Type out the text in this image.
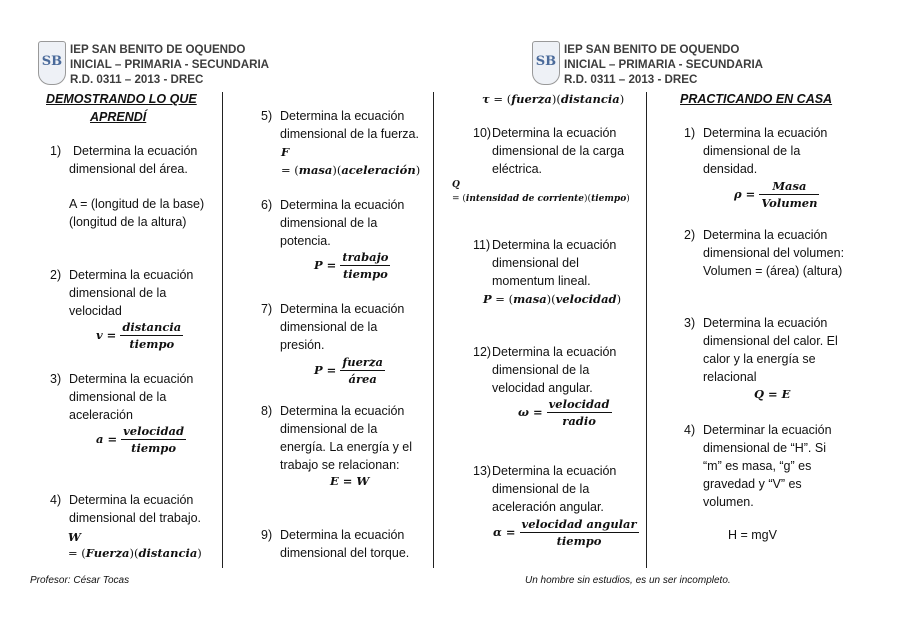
SB
IEP SAN BENITO DE OQUENDO
INICIAL – PRIMARIA - SECUNDARIA
R.D. 0311 – 2013 - DREC
SB
IEP SAN BENITO DE OQUENDO
INICIAL – PRIMARIA - SECUNDARIA
R.D. 0311 – 2013 - DREC
DEMOSTRANDO LO QUE
APRENDÍ
PRACTICANDO EN CASA
1) Determina la ecuación
dimensional del área.
A = (longitud de la base)
(longitud de la altura)
2) Determina la ecuación
dimensional de la
velocidad
$v = \frac{\text{distancia}}{\text{tiempo}}$
3) Determina la ecuación
dimensional de la
aceleración
$a = \frac{\text{velocidad}}{\text{tiempo}}$
4) Determina la ecuación
dimensional del trabajo.
W
= (Fuerza)(distancia)
5) Determina la ecuación
dimensional de la fuerza.
F
= (masa)(aceleración)
6) Determina la ecuación
dimensional de la
potencia.
$P = \frac{\text{trabajo}}{\text{tiempo}}$
7) Determina la ecuación
dimensional de la
presión.
$P = \frac{\text{fuerza}}{\text{área}}$
8) Determina la ecuación
dimensional de la
energía. La energía y el
trabajo se relacionan:
E = W
9) Determina la ecuación
dimensional del torque.
τ = (fuerza)(distancia)
10) Determina la ecuación
dimensional de la carga
eléctrica.
Q
= (intensidad de corriente)(tiempo)
11) Determina la ecuación
dimensional del
momentum lineal.
P = (masa)(velocidad)
12) Determina la ecuación
dimensional de la
velocidad angular.
$\omega = \frac{\text{velocidad}}{\text{radio}}$
13) Determina la ecuación
dimensional de la
aceleración angular.
$\alpha = \frac{\text{velocidad angular}}{\text{tiempo}}$
1) Determina la ecuación
dimensional de la
densidad.
$\rho = \frac{\text{Masa}}{\text{Volumen}}$
2) Determina la ecuación
dimensional del volumen:
Volumen = (área) (altura)
3) Determina la ecuación
dimensional del calor. El
calor y la energía se
relacional
Q = E
4) Determinar la ecuación
dimensional de “H”. Si
“m” es masa, “g” es
gravedad y “V” es
volumen.
H = mgV
Profesor: César Tocas	Un hombre sin estudios, es un ser incompleto.
